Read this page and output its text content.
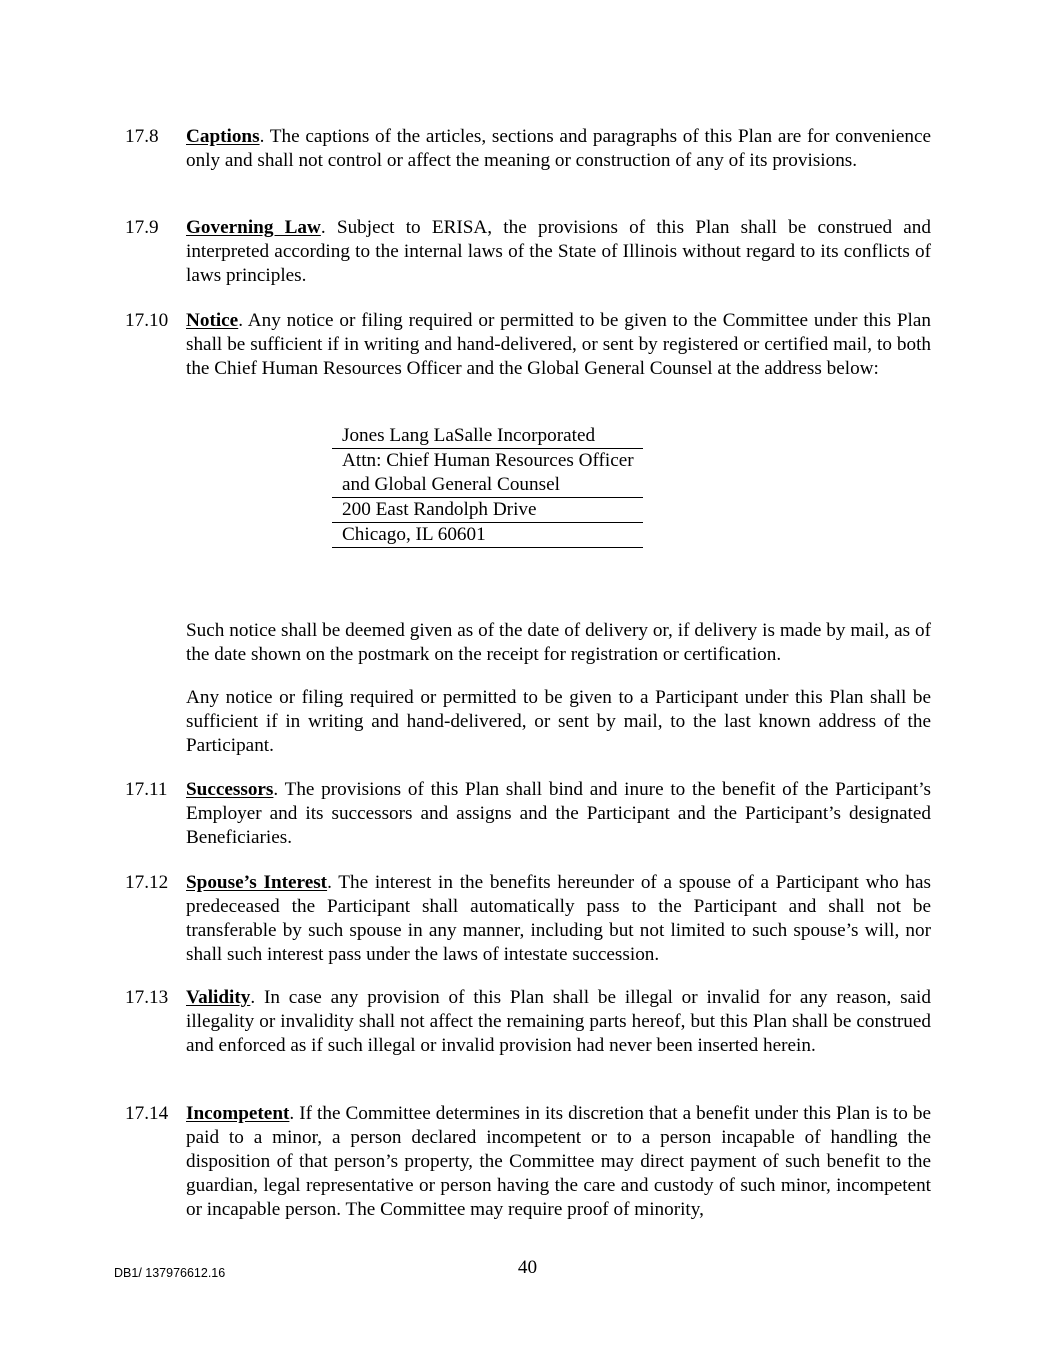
17.8	Captions. The captions of the articles, sections and paragraphs of this Plan are for convenience only and shall not control or affect the meaning or construction of any of its provisions.
17.9	Governing Law. Subject to ERISA, the provisions of this Plan shall be construed and interpreted according to the internal laws of the State of Illinois without regard to its conflicts of laws principles.
17.10 Notice. Any notice or filing required or permitted to be given to the Committee under this Plan shall be sufficient if in writing and hand-delivered, or sent by registered or certified mail, to both the Chief Human Resources Officer and the Global General Counsel at the address below:
Jones Lang LaSalle Incorporated
Attn: Chief Human Resources Officer and Global General Counsel
200 East Randolph Drive
Chicago, IL 60601

Such notice shall be deemed given as of the date of delivery or, if delivery is made by mail, as of the date shown on the postmark on the receipt for registration or certification.

Any notice or filing required or permitted to be given to a Participant under this Plan shall be sufficient if in writing and hand-delivered, or sent by mail, to the last known address of the Participant.

17.11 Successors. The provisions of this Plan shall bind and inure to the benefit of the Participant’s Employer and its successors and assigns and the Participant and the Participant’s designated Beneficiaries.
17.12 Spouse’s Interest. The interest in the benefits hereunder of a spouse of a Participant who has predeceased the Participant shall automatically pass to the Participant and shall not be transferable by such spouse in any manner, including but not limited to such spouse’s will, nor shall such interest pass under the laws of intestate succession.
17.13 Validity. In case any provision of this Plan shall be illegal or invalid for any reason, said illegality or invalidity shall not affect the remaining parts hereof, but this Plan shall be construed and enforced as if such illegal or invalid provision had never been inserted herein.
17.14 Incompetent. If the Committee determines in its discretion that a benefit under this Plan is to be paid to a minor, a person declared incompetent or to a person incapable of handling the disposition of that person’s property, the Committee may direct payment of such benefit to the guardian, legal representative or person having the care and custody of such minor, incompetent or incapable person. The Committee may require proof of minority,
DB1/ 137976612.16	40
